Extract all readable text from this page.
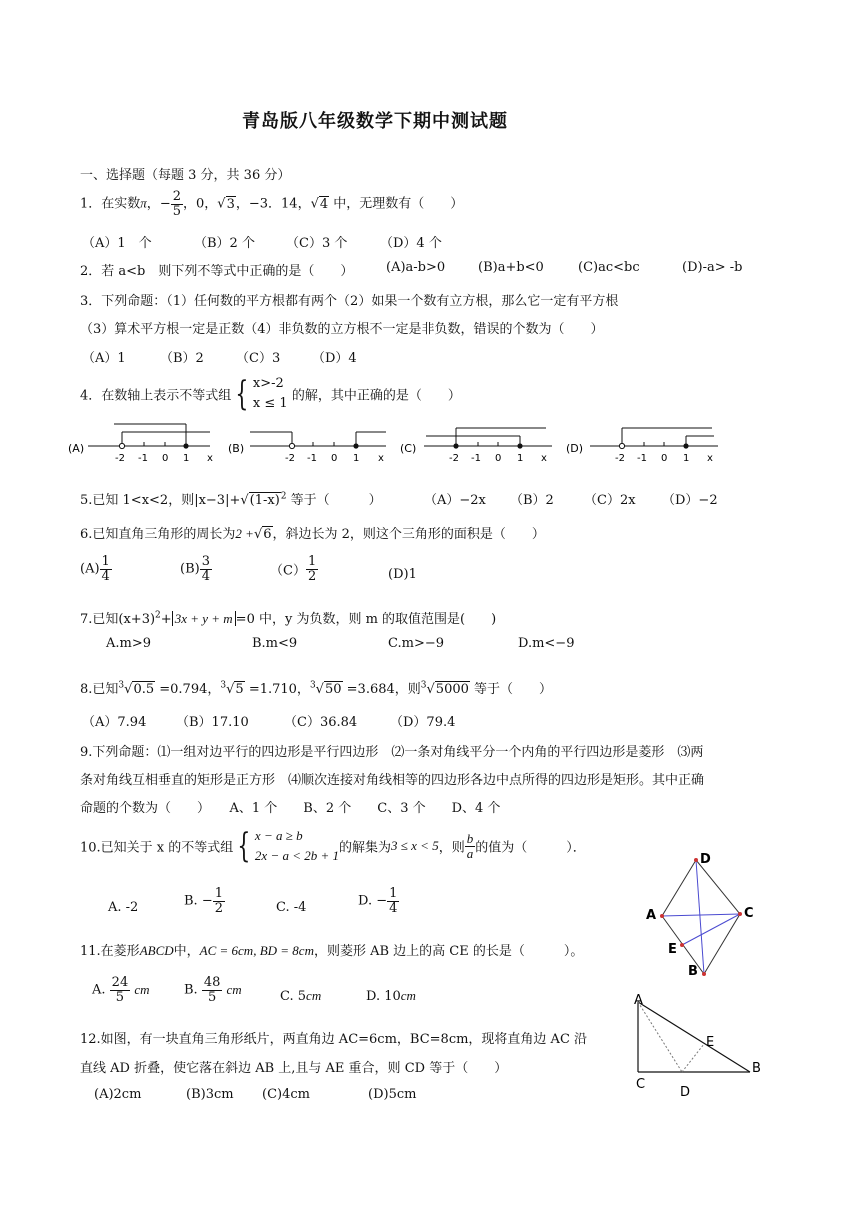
青岛版八年级数学下期中测试题
一、选择题（每题 3 分，共 36 分）
1．在实数π，− $\frac{2}{5}$ ，0，√3，−3．14，√4 中，无理数有（　　）
（A）1　个	（B）2 个 （C）3 个	（D）4 个
2．若 a<b　则下列不等式中正确的是（　　）	(A)a-b>0	(B)a+b<0	(C)ac<bc	(D)-a> -b
3．下列命题：（1）任何数的平方根都有两个（2）如果一个数有立方根，那么它一定有平方根
（3）算术平方根一定是正数（4）非负数的立方根不一定是非负数，错误的个数为（　　）
（A）1	（B）2 （C）3 （D）4
4．在数轴上表示不等式组 { x>-2
x ≤ 1 的解，其中正确的是（　　）
(A)
-2 -1 0 1 x
(B)
-2 -1 0 1 x
(C)
-2 -1 0 1 x
(D)
-2 -1 0 1 x
5.已知 1<x<2，则$|x-3|+√(1-x)^2$ 等于（　　　）	（A）−2x （B）2 （C）2x （D）−2
6.已知直角三角形的周长为2 +√6，斜边长为 2，则这个三角形的面积是（　　）
$(A) \frac{1}{4}$	$(B) \frac{3}{4}$	$(C) \frac{1}{2}$	(D)1
7.已知$(x+3)^2+ 3x + y + m =0$ 中，y 为负数，则 m 的取值范围是(　　)
A.m>9	B.m<9	C.m>−9	D.m<−9
8.已知$^3$√0.5 =0.794，$^3$√5 =1.710，$^3$√50 =3.684，则$^3$√5000 等于（　　）
（A）7.94 （B）17.10	（C）36.84	（D）79.4
9.下列命题：⑴一组对边平行的四边形是平行四边形　⑵一条对角线平分一个内角的平行四边形是菱形　⑶两
条对角线互相垂直的矩形是正方形　⑷顺次连接对角线相等的四边形各边中点所得的四边形是矩形。其中正确
命题的个数为（　　）　　A、1 个　　B、2 个　　C、3 个　　D、4 个
10.已知关于 x 的不等式组 { x − a ≥ b
2x − a < 2b + 1 的解集为3 ≤ x < 5，则 $\frac{b}{a}$ 的值为（　　　）．
A. -2	B. − $\frac{1}{2}$	C. -4	D. − $\frac{1}{4}$
D
A	C
E
B
11.在菱形ABCD中，AC = 6cm, BD = 8cm，则菱形 AB 边上的高 CE 的长是（　　　）。
A. $\frac{24}{5}$ cm	B. $\frac{48}{5}$ cm	C. 5cm	D. 10cm	A
E
B
C
D
12.如图，有一块直角三角形纸片，两直角边 AC=6cm，BC=8cm，现将直角边 AC 沿
直线 AD 折叠，使它落在斜边 AB 上,且与 AE 重合，则 CD 等于（　　）
(A)2cm	(B)3cm (C)4cm	(D)5cm
